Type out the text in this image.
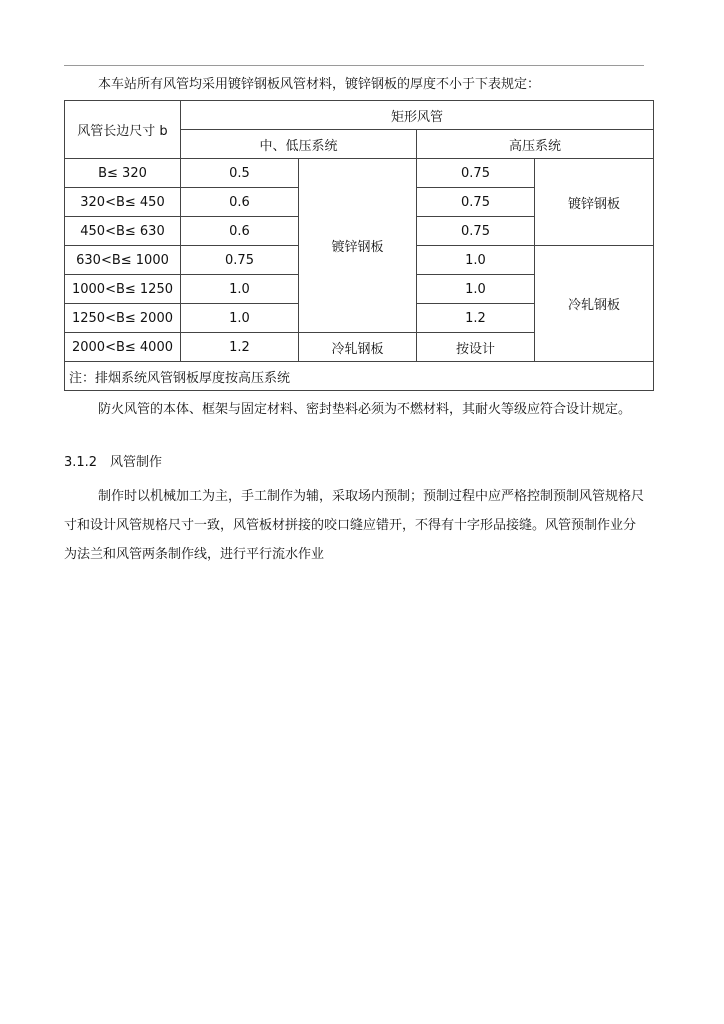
本车站所有风管均采用镀锌钢板风管材料，镀锌钢板的厚度不小于下表规定：

风管长边尺寸 b	矩形风管			
	中、低压系统		高压系统	
B≤ 320	0.5	镀锌钢板	0.75	镀锌钢板
320<B≤ 450	0.6		0.75	
450<B≤ 630	0.6		0.75	
630<B≤ 1000	0.75		1.0	冷轧钢板
1000<B≤ 1250	1.0		1.0	
1250<B≤ 2000	1.0		1.2	
2000<B≤ 4000	1.2	冷轧钢板	按设计	
注：排烟系统风管钢板厚度按高压系统				

防火风管的本体、框架与固定材料、密封垫料必须为不燃材料，其耐火等级应符合设计规定。

3.1.2 风管制作

制作时以机械加工为主，手工制作为辅，采取场内预制；预制过程中应严格控制预制风管规格尺寸和设计风管规格尺寸一致，风管板材拼接的咬口缝应错开，不得有十字形品接缝。风管预制作业分为法兰和风管两条制作线，进行平行流水作业
